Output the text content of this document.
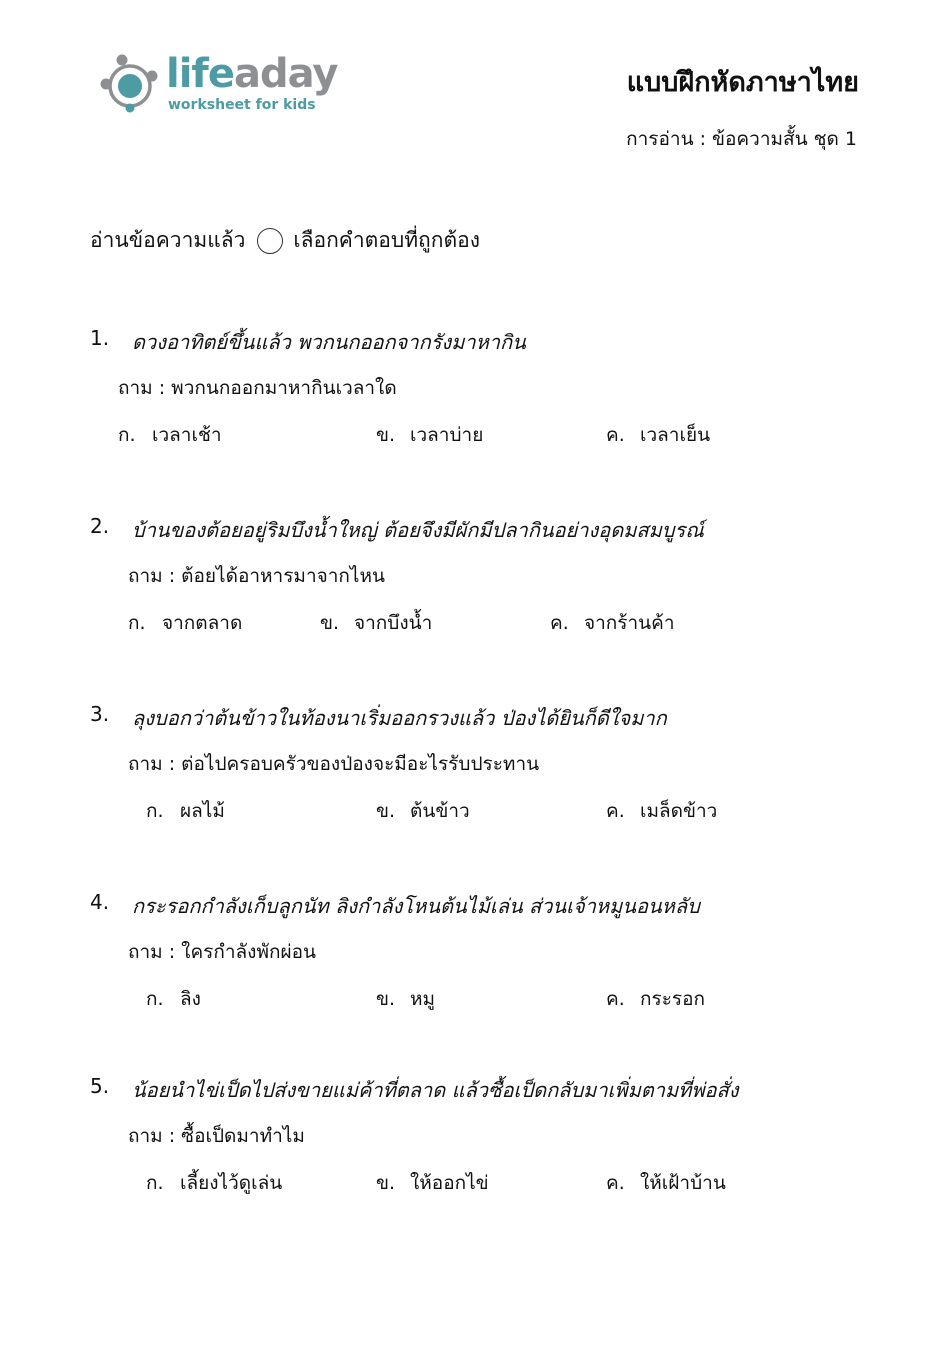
lifeaday
worksheet for kids
แบบฝึกหัดภาษาไทย
การอ่าน : ข้อความสั้น ชุด 1
อ่านข้อความแล้ว ○ เลือกคำตอบที่ถูกต้อง
1. ดวงอาทิตย์ขึ้นแล้ว พวกนกออกจากรังมาหากิน
ถาม : พวกนกออกมาหากินเวลาใด
ก. เวลาเช้า	ข. เวลาบ่าย	ค. เวลาเย็น
2. บ้านของต้อยอยู่ริมบึงน้ำใหญ่ ต้อยจึงมีผักมีปลากินอย่างอุดมสมบูรณ์
ถาม : ต้อยได้อาหารมาจากไหน
ก. จากตลาด	ข. จากบึงน้ำ	ค. จากร้านค้า
3. ลุงบอกว่าต้นข้าวในท้องนาเริ่มออกรวงแล้ว ป่องได้ยินก็ดีใจมาก
ถาม : ต่อไปครอบครัวของป่องจะมีอะไรรับประทาน
ก. ผลไม้	ข. ต้นข้าว	ค. เมล็ดข้าว
4. กระรอกกำลังเก็บลูกนัท ลิงกำลังโหนต้นไม้เล่น ส่วนเจ้าหมูนอนหลับ
ถาม : ใครกำลังพักผ่อน
ก. ลิง	ข. หมู	ค. กระรอก
5. น้อยนำไข่เป็ดไปส่งขายแม่ค้าที่ตลาด แล้วซื้อเป็ดกลับมาเพิ่มตามที่พ่อสั่ง
ถาม : ซื้อเป็ดมาทำไม
ก. เลี้ยงไว้ดูเล่น	ข. ให้ออกไข่	ค. ให้เฝ้าบ้าน
